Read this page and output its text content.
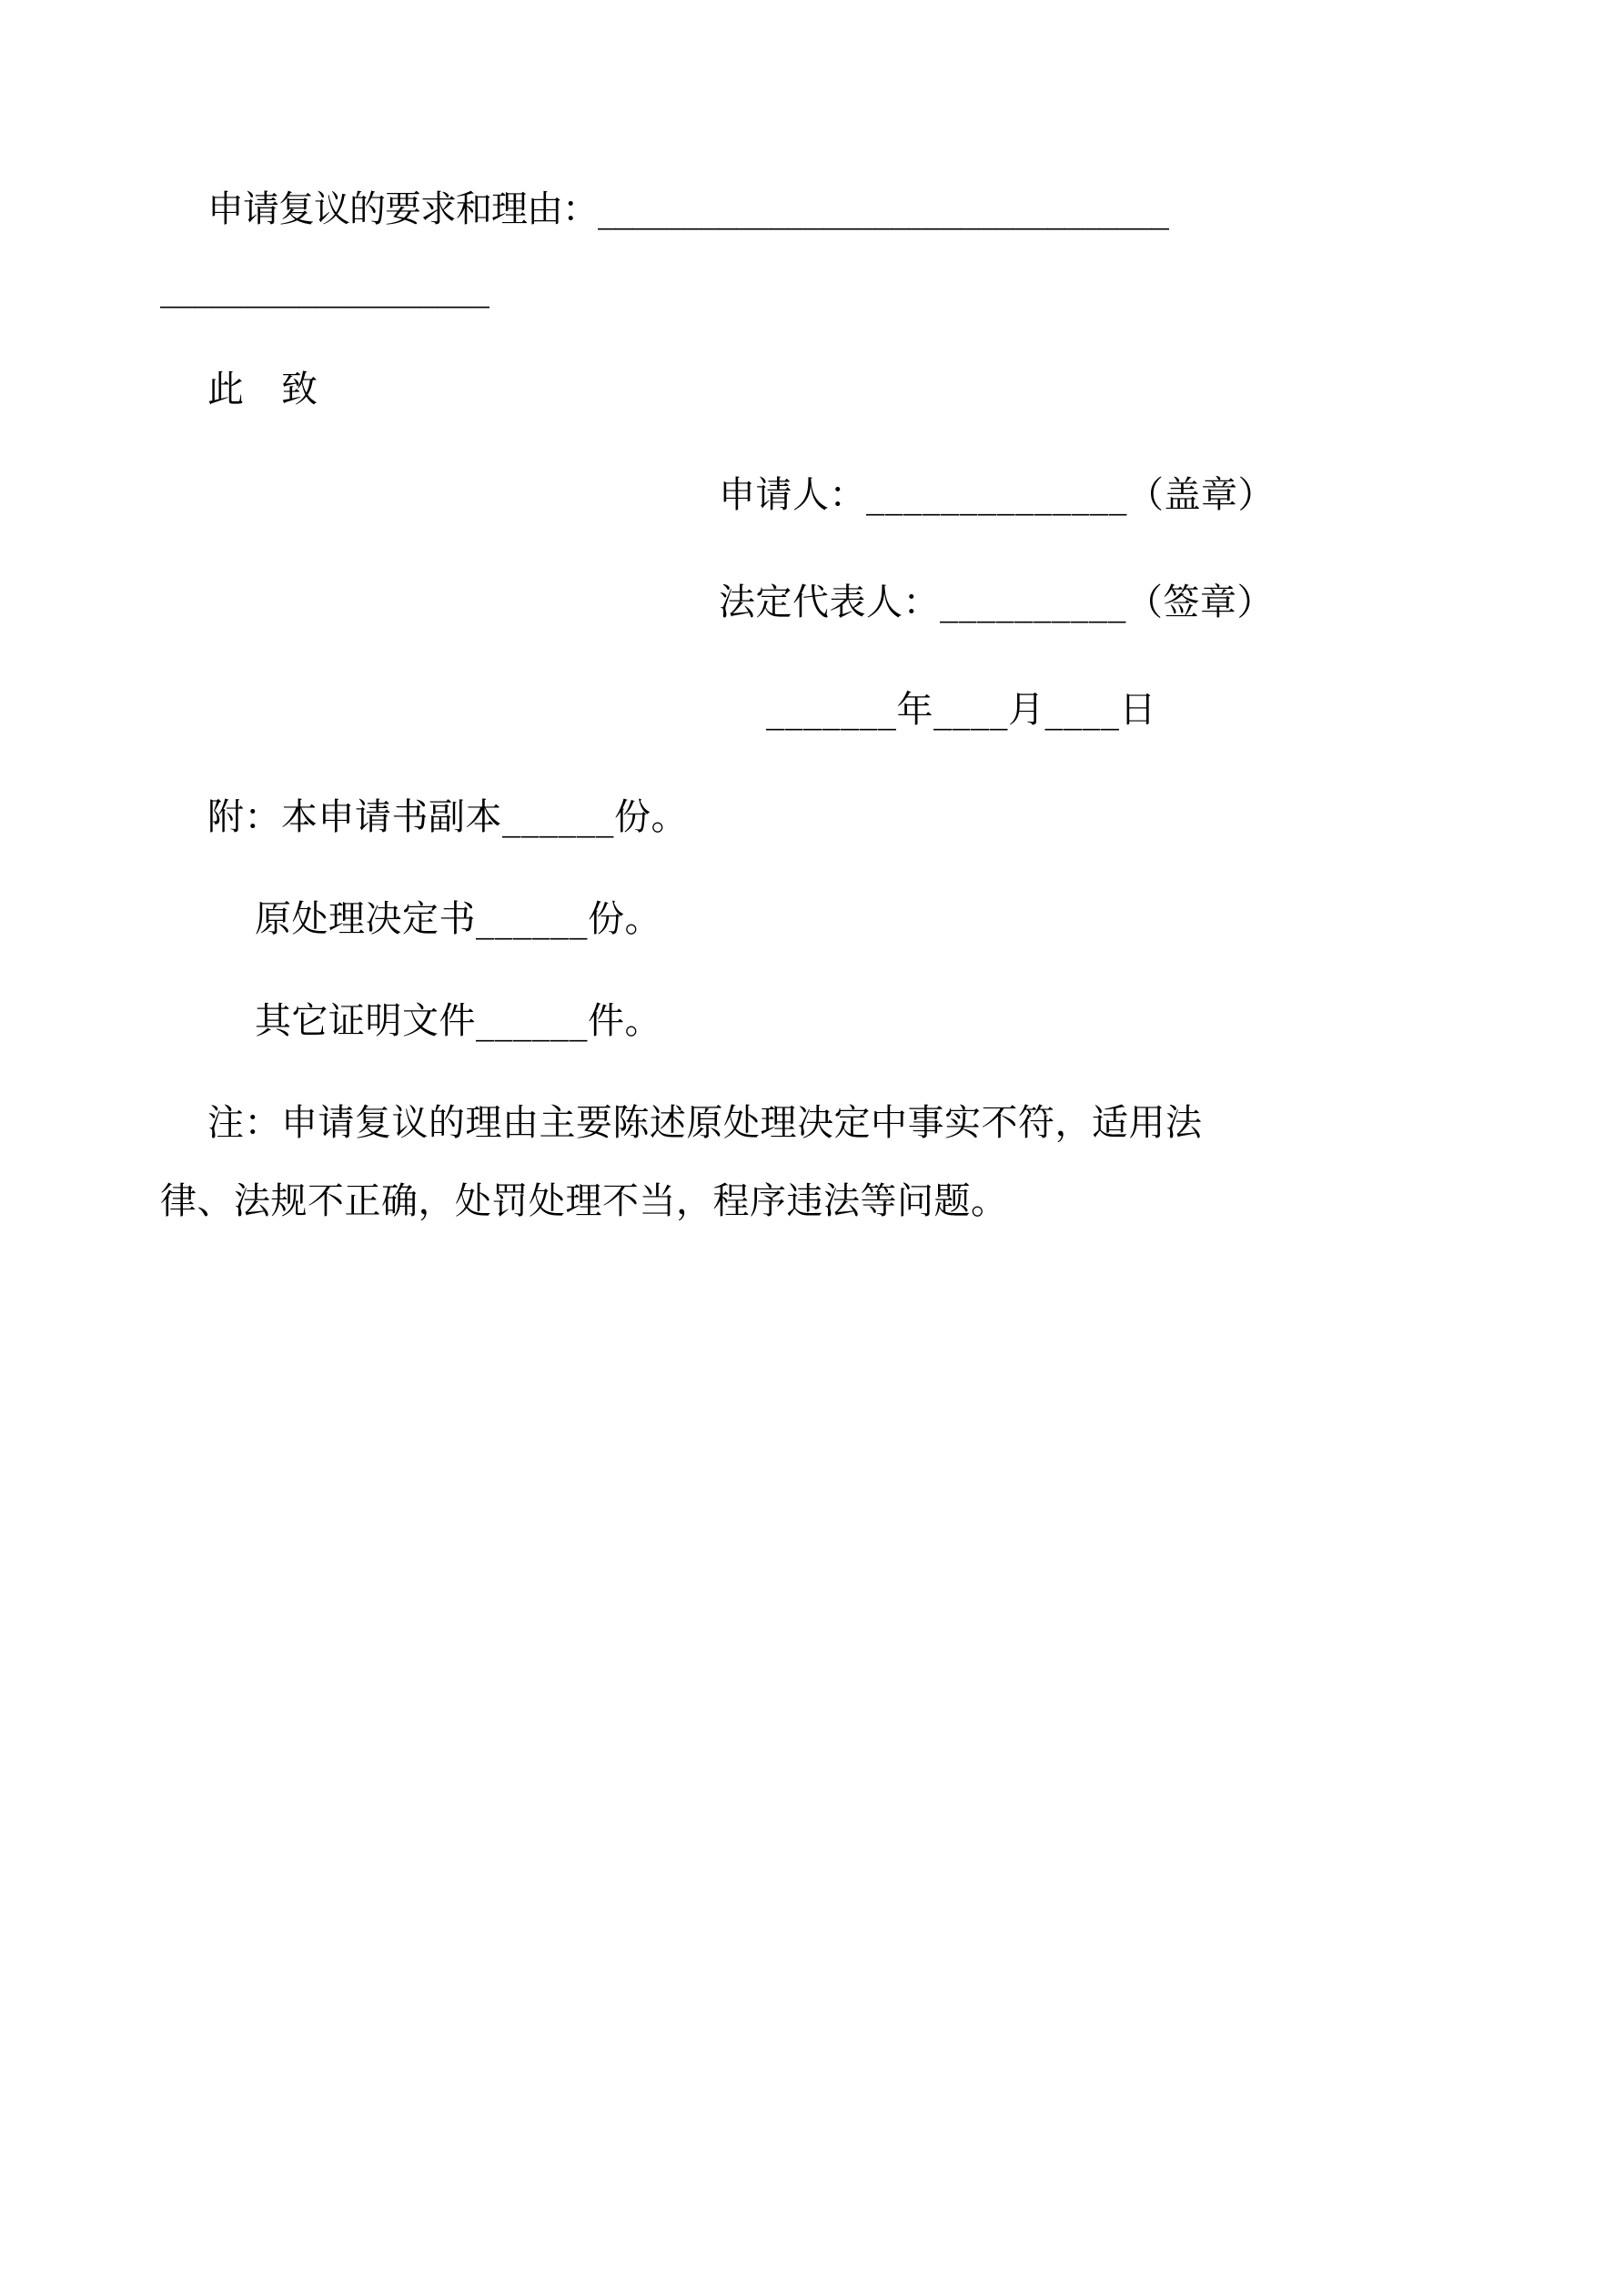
申请复议的要求和理由：_________________________________

___________________

此　致

申请人：______________（盖章）

法定代表人：__________（签章）

_______年____月____日

附：本申请书副本______份。

原处理决定书______份。

其它证明文件______件。

注：申请复议的理由主要陈述原处理决定中事实不符，适用法

律、法规不正确，处罚处理不当，程序违法等问题。
